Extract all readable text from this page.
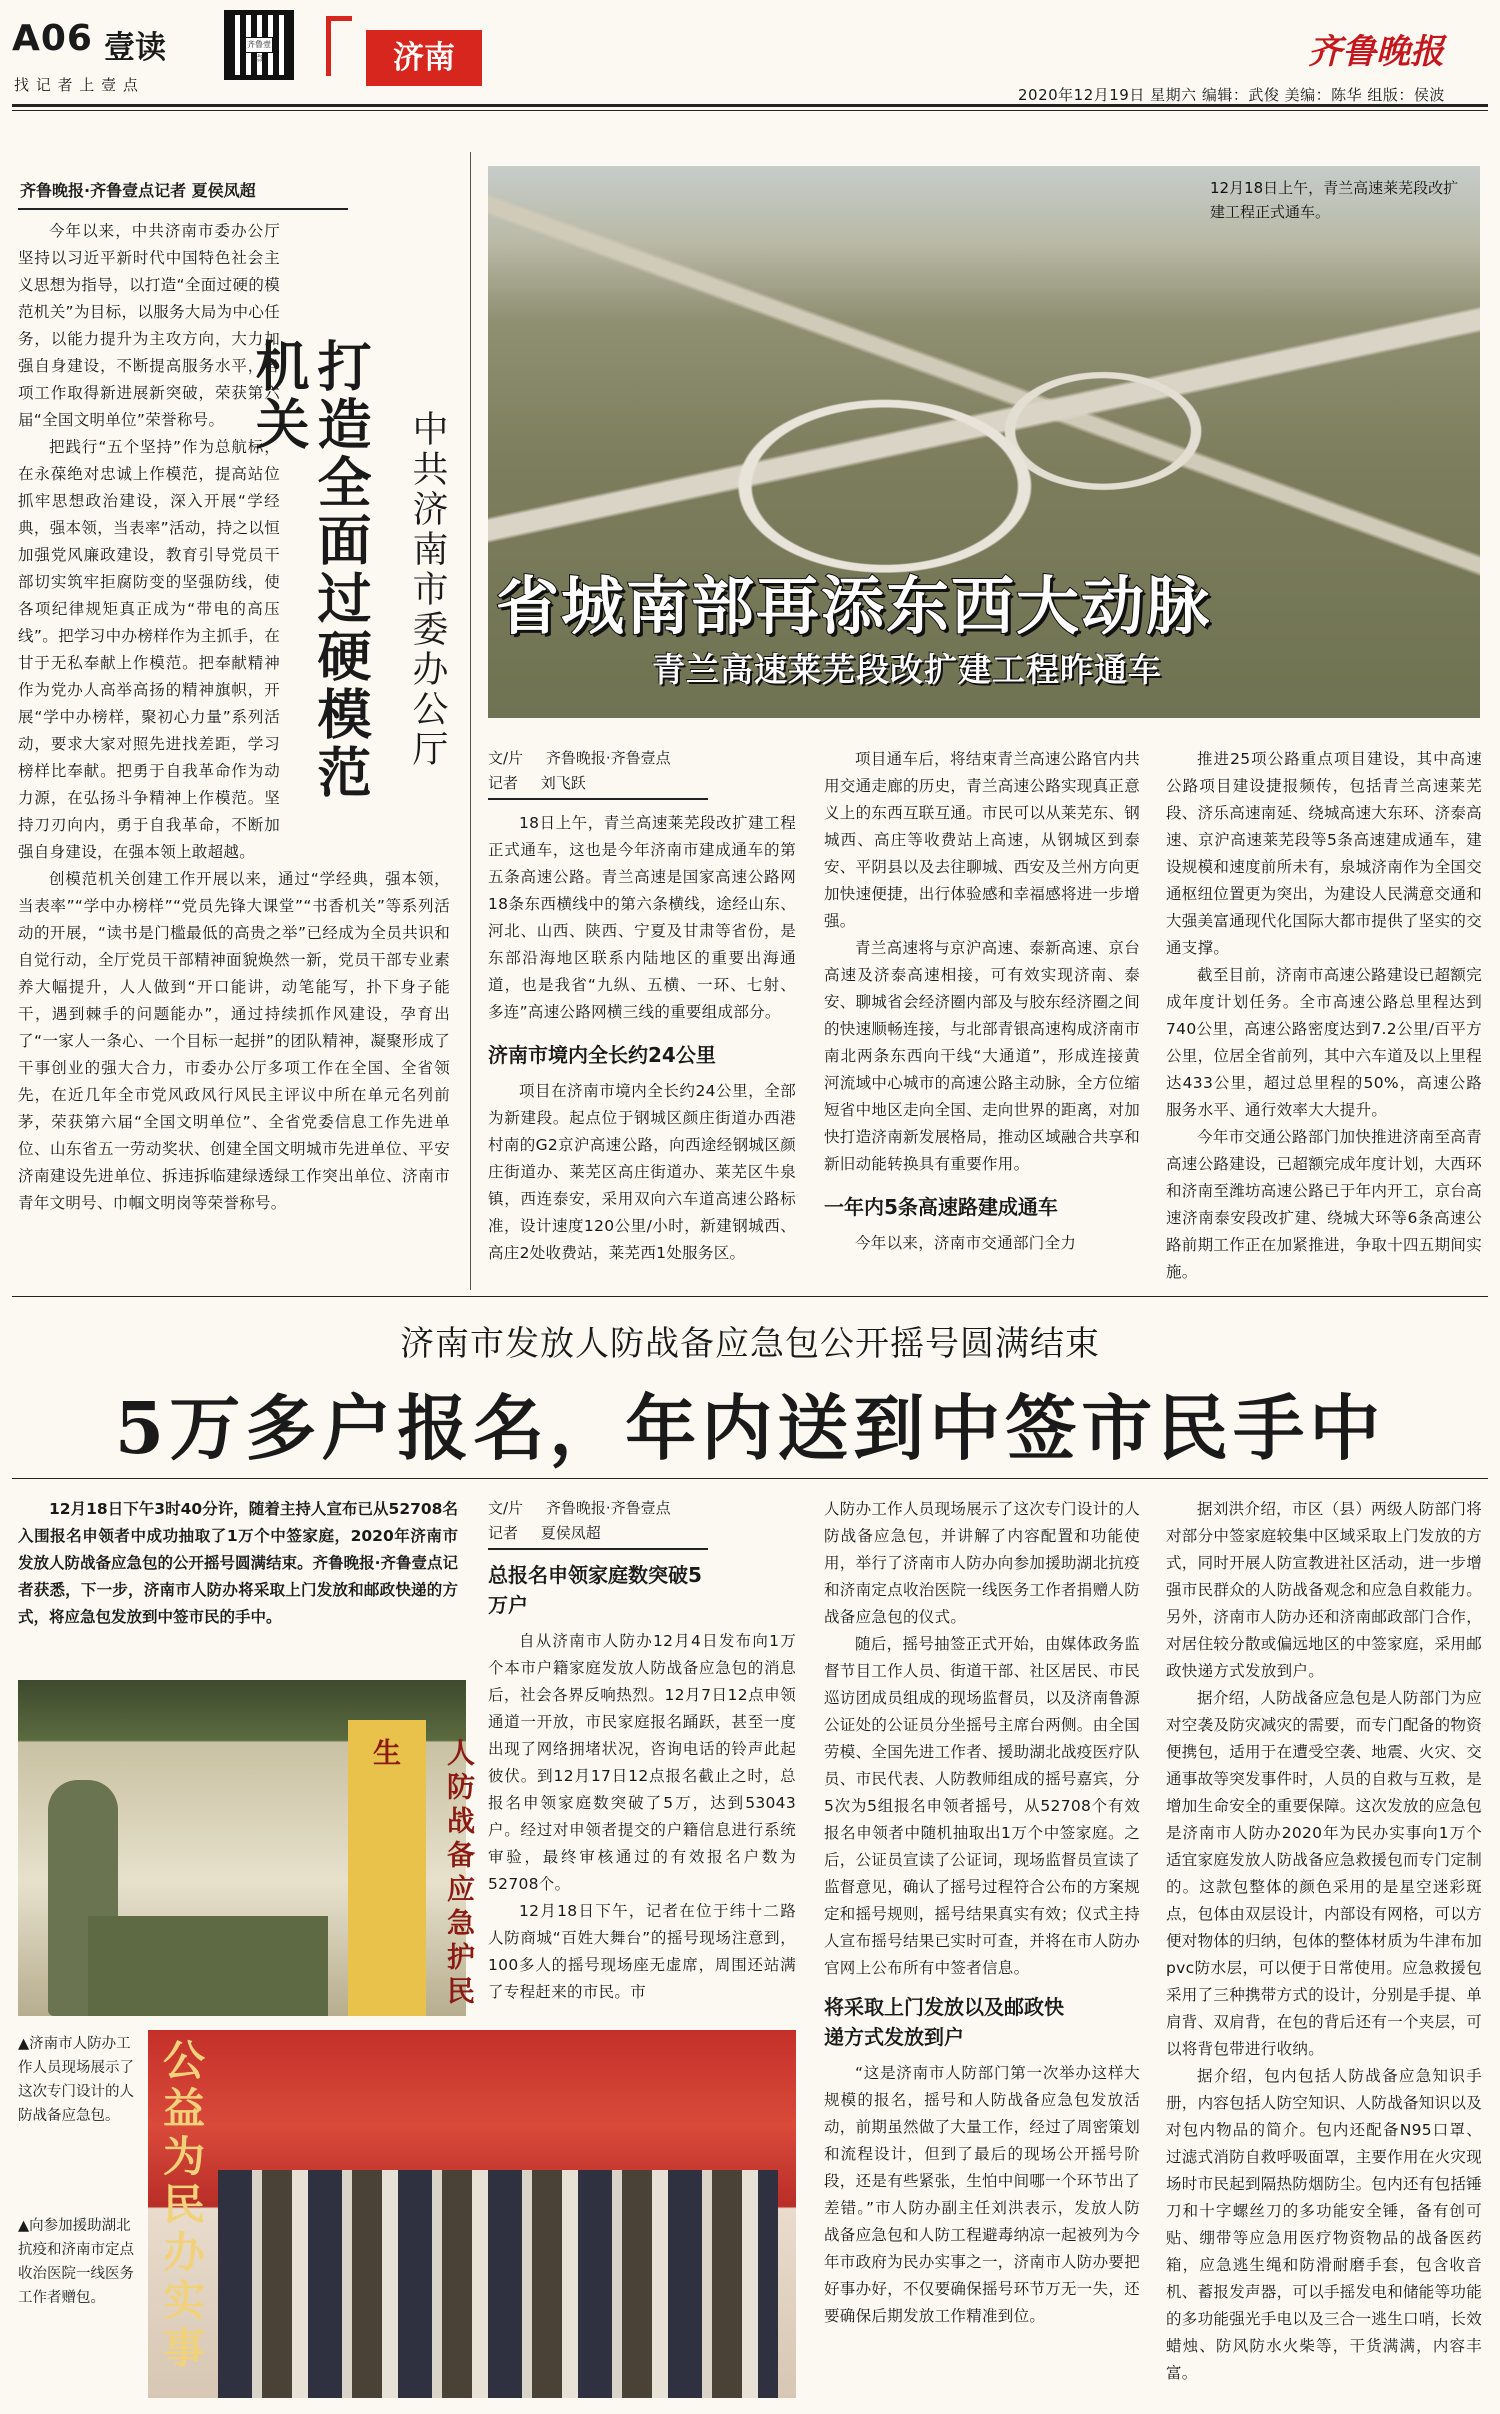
A06 壹读
找 记 者 上 壹 点
齐鲁壹点	济南	齐鲁晚报
2020年12月19日 星期六 编辑：武俊 美编：陈华 组版：侯波
齐鲁晚报·齐鲁壹点记者 夏侯凤超
打造全面过硬模范机关
中共济南市委办公厅

今年以来，中共济南市委办公厅坚持以习近平新时代中国特色社会主义思想为指导，以打造“全面过硬的模范机关”为目标，以服务大局为中心任务，以能力提升为主攻方向，大力加强自身建设，不断提高服务水平，各项工作取得新进展新突破，荣获第六届“全国文明单位”荣誉称号。

把践行“五个坚持”作为总航标，在永葆绝对忠诚上作模范，提高站位抓牢思想政治建设，深入开展“学经典，强本领，当表率”活动，持之以恒加强党风廉政建设，教育引导党员干部切实筑牢拒腐防变的坚强防线，使各项纪律规矩真正成为“带电的高压线”。把学习中办榜样作为主抓手，在甘于无私奉献上作模范。把奉献精神作为党办人高举高扬的精神旗帜，开展“学中办榜样，聚初心力量”系列活动，要求大家对照先进找差距，学习榜样比奉献。把勇于自我革命作为动力源，在弘扬斗争精神上作模范。坚持刀刃向内，勇于自我革命，不断加强自身建设，在强本领上敢超越。

创模范机关创建工作开展以来，通过“学经典，强本领，当表率”“学中办榜样”“党员先锋大课堂”“书香机关”等系列活动的开展，“读书是门槛最低的高贵之举”已经成为全员共识和自觉行动，全厅党员干部精神面貌焕然一新，党员干部专业素养大幅提升，人人做到“开口能讲，动笔能写，扑下身子能干，遇到棘手的问题能办”，通过持续抓作风建设，孕育出了“一家人一条心、一个目标一起拼”的团队精神，凝聚形成了干事创业的强大合力，市委办公厅多项工作在全国、全省领先，在近几年全市党风政风行风民主评议中所在单元名列前茅，荣获第六届“全国文明单位”、全省党委信息工作先进单位、山东省五一劳动奖状、创建全国文明城市先进单位、平安济南建设先进单位、拆违拆临建绿透绿工作突出单位、济南市青年文明号、巾帼文明岗等荣誉称号。

12月18日上午，青兰高速莱芜段改扩建工程正式通车。
省城南部再添东西大动脉
青兰高速莱芜段改扩建工程昨通车
文/片 齐鲁晚报·齐鲁壹点
记者 刘飞跃

18日上午，青兰高速莱芜段改扩建工程正式通车，这也是今年济南市建成通车的第五条高速公路。青兰高速是国家高速公路网18条东西横线中的第六条横线，途经山东、河北、山西、陕西、宁夏及甘肃等省份，是东部沿海地区联系内陆地区的重要出海通道，也是我省“九纵、五横、一环、七射、多连”高速公路网横三线的重要组成部分。

济南市境内全长约24公里

项目在济南市境内全长约24公里，全部为新建段。起点位于钢城区颜庄街道办西港村南的G2京沪高速公路，向西途经钢城区颜庄街道办、莱芜区高庄街道办、莱芜区牛泉镇，西连泰安，采用双向六车道高速公路标准，设计速度120公里/小时，新建钢城西、高庄2处收费站，莱芜西1处服务区。

项目通车后，将结束青兰高速公路官内共用交通走廊的历史，青兰高速公路实现真正意义上的东西互联互通。市民可以从莱芜东、钢城西、高庄等收费站上高速，从钢城区到泰安、平阴县以及去往聊城、西安及兰州方向更加快速便捷，出行体验感和幸福感将进一步增强。

青兰高速将与京沪高速、泰新高速、京台高速及济泰高速相接，可有效实现济南、泰安、聊城省会经济圈内部及与胶东经济圈之间的快速顺畅连接，与北部青银高速构成济南市南北两条东西向干线“大通道”，形成连接黄河流域中心城市的高速公路主动脉，全方位缩短省中地区走向全国、走向世界的距离，对加快打造济南新发展格局，推动区域融合共享和新旧动能转换具有重要作用。

一年内5条高速路建成通车

今年以来，济南市交通部门全力

推进25项公路重点项目建设，其中高速公路项目建设捷报频传，包括青兰高速莱芜段、济乐高速南延、绕城高速大东环、济泰高速、京沪高速莱芜段等5条高速建成通车，建设规模和速度前所未有，泉城济南作为全国交通枢纽位置更为突出，为建设人民满意交通和大强美富通现代化国际大都市提供了坚实的交通支撑。

截至目前，济南市高速公路建设已超额完成年度计划任务。全市高速公路总里程达到740公里，高速公路密度达到7.2公里/百平方公里，位居全省前列，其中六车道及以上里程达433公里，超过总里程的50%，高速公路服务水平、通行效率大大提升。

今年市交通公路部门加快推进济南至高青高速公路建设，已超额完成年度计划，大西环和济南至潍坊高速公路已于年内开工，京台高速济南泰安段改扩建、绕城大环等6条高速公路前期工作正在加紧推进，争取十四五期间实施。

济南市发放人防战备应急包公开摇号圆满结束
5万多户报名，年内送到中签市民手中
12月18日下午3时40分许，随着主持人宣布已从52708名入围报名申领者中成功抽取了1万个中签家庭，2020年济南市发放人防战备应急包的公开摇号圆满结束。齐鲁晚报·齐鲁壹点记者获悉，下一步，济南市人防办将采取上门发放和邮政快递的方式，将应急包发放到中签市民的手中。
人防战备应急护民生
▲济南市人防办工作人员现场展示了这次专门设计的人防战备应急包。
▲向参加援助湖北抗疫和济南市定点收治医院一线医务工作者赠包。	公益为民办实事
文/片 齐鲁晚报·齐鲁壹点
记者 夏侯凤超
总报名申领家庭数突破5万户

自从济南市人防办12月4日发布向1万个本市户籍家庭发放人防战备应急包的消息后，社会各界反响热烈。12月7日12点申领通道一开放，市民家庭报名踊跃，甚至一度出现了网络拥堵状况，咨询电话的铃声此起彼伏。到12月17日12点报名截止之时，总报名申领家庭数突破了5万，达到53043户。经过对申领者提交的户籍信息进行系统审验，最终审核通过的有效报名户数为52708个。

12月18日下午，记者在位于纬十二路人防商城“百姓大舞台”的摇号现场注意到，100多人的摇号现场座无虚席，周围还站满了专程赶来的市民。市

人防办工作人员现场展示了这次专门设计的人防战备应急包，并讲解了内容配置和功能使用，举行了济南市人防办向参加援助湖北抗疫和济南定点收治医院一线医务工作者捐赠人防战备应急包的仪式。

随后，摇号抽签正式开始，由媒体政务监督节目工作人员、街道干部、社区居民、市民巡访团成员组成的现场监督员，以及济南鲁源公证处的公证员分坐摇号主席台两侧。由全国劳模、全国先进工作者、援助湖北战疫医疗队员、市民代表、人防教师组成的摇号嘉宾，分5次为5组报名申领者摇号，从52708个有效报名申领者中随机抽取出1万个中签家庭。之后，公证员宣读了公证词，现场监督员宣读了监督意见，确认了摇号过程符合公布的方案规定和摇号规则，摇号结果真实有效；仪式主持人宣布摇号结果已实时可查，并将在市人防办官网上公布所有中签者信息。

将采取上门发放以及邮政快递方式发放到户

“这是济南市人防部门第一次举办这样大规模的报名，摇号和人防战备应急包发放活动，前期虽然做了大量工作，经过了周密策划和流程设计，但到了最后的现场公开摇号阶段，还是有些紧张，生怕中间哪一个环节出了差错。”市人防办副主任刘洪表示，发放人防战备应急包和人防工程避毒纳凉一起被列为今年市政府为民办实事之一，济南市人防办要把好事办好，不仅要确保摇号环节万无一失，还要确保后期发放工作精准到位。

据刘洪介绍，市区（县）两级人防部门将对部分中签家庭较集中区域采取上门发放的方式，同时开展人防宣教进社区活动，进一步增强市民群众的人防战备观念和应急自救能力。另外，济南市人防办还和济南邮政部门合作，对居住较分散或偏远地区的中签家庭，采用邮政快递方式发放到户。

据介绍，人防战备应急包是人防部门为应对空袭及防灾减灾的需要，而专门配备的物资便携包，适用于在遭受空袭、地震、火灾、交通事故等突发事件时，人员的自救与互救，是增加生命安全的重要保障。这次发放的应急包是济南市人防办2020年为民办实事向1万个适宜家庭发放人防战备应急救援包而专门定制的。这款包整体的颜色采用的是星空迷彩斑点，包体由双层设计，内部设有网格，可以方便对物体的归纳，包体的整体材质为牛津布加pvc防水层，可以便于日常使用。应急救援包采用了三种携带方式的设计，分别是手提、单肩背、双肩背，在包的背后还有一个夹层，可以将背包带进行收纳。

据介绍，包内包括人防战备应急知识手册，内容包括人防空知识、人防战备知识以及对包内物品的简介。包内还配备N95口罩、过滤式消防自救呼吸面罩，主要作用在火灾现场时市民起到隔热防烟防尘。包内还有包括锤刀和十字螺丝刀的多功能安全锤，备有创可贴、绷带等应急用医疗物资物品的战备医药箱，应急逃生绳和防滑耐磨手套，包含收音机、蓄报发声器，可以手摇发电和储能等功能的多功能强光手电以及三合一逃生口哨，长效蜡烛、防风防水火柴等，干货满满，内容丰富。
